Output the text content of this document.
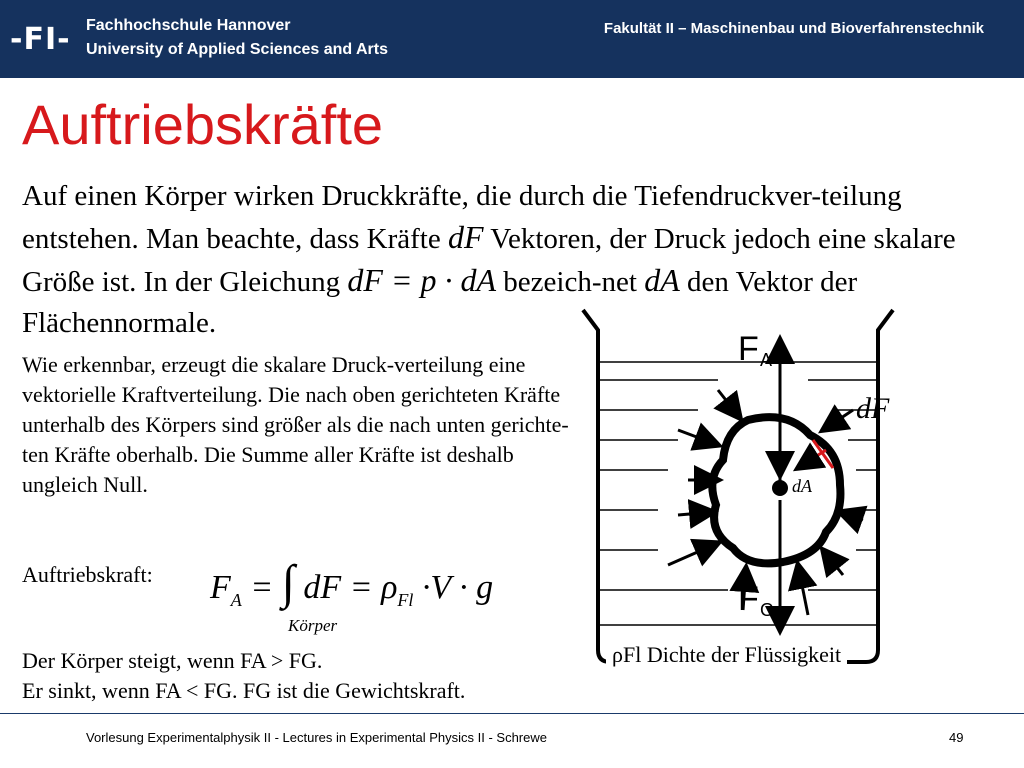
-FI- Fachhochschule Hannover
University of Applied Sciences and Arts
Fakultät II – Maschinenbau und Bioverfahrenstechnik
Auftriebskräfte
Auf einen Körper wirken Druckkräfte, die durch die Tiefendruckver-teilung entstehen. Man beachte, dass Kräfte dF Vektoren, der Druck jedoch eine skalare Größe ist. In der Gleichung dF = p · dA bezeich-net dA den Vektor der Flächennormale.
Wie erkennbar, erzeugt die skalare Druck-verteilung eine vektorielle Kraftverteilung. Die nach oben gerichteten Kräfte unterhalb des Körpers sind größer als die nach unten gerichte-ten Kräfte oberhalb. Die Summe aller Kräfte ist deshalb ungleich Null.
Auftriebskraft: $F_A$ = ∫ dF = $\rho_{Fl} \cdot V \cdot g$
Körper
Der Körper steigt, wenn FA > FG.
Er sinkt, wenn FA < FG. FG ist die Gewichtskraft.
F A
F G
dF
dA
ρFl Dichte der Flüssigkeit
Vorlesung Experimentalphysik II - Lectures in Experimental Physics II - Schrewe	49
